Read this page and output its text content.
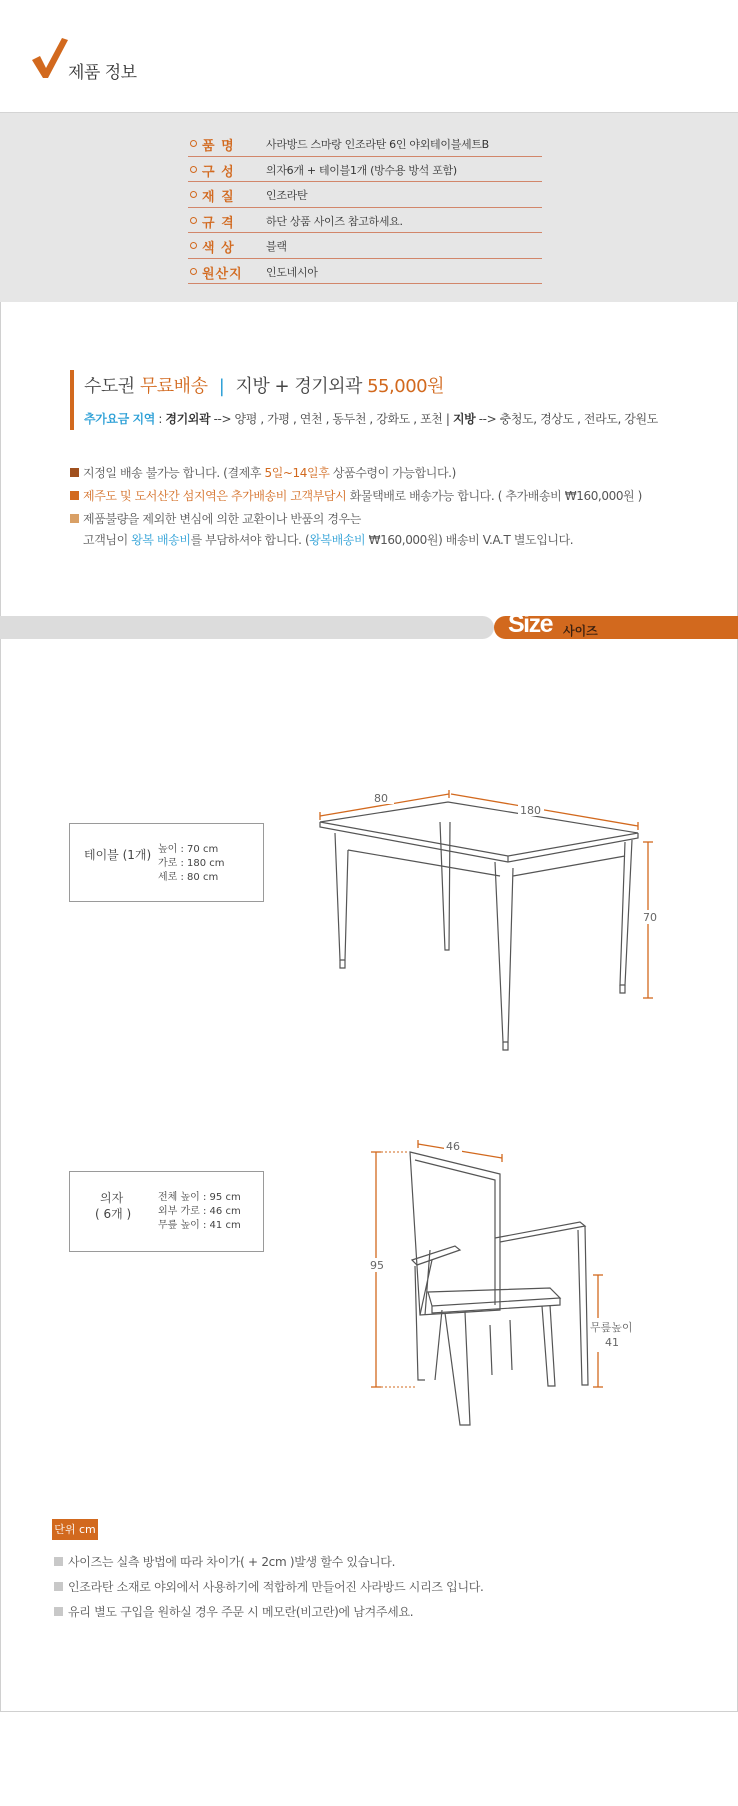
제품 정보
품 명	사라방드 스마랑 인조라탄 6인 야외테이블세트B
구 성	의자6개 + 테이블1개 (방수용 방석 포함)
재 질	인조라탄
규 격	하단 상품 사이즈 참고하세요.
색 상	블랙
원산지 인도네시아
수도권 무료배송 | 지방 + 경기외곽 55,000원
추가요금 지역 : 경기외곽 --> 양평 , 가평 , 연천 , 동두천 , 강화도 , 포천 | 지방 --> 충청도, 경상도 , 전라도, 강원도
지정일 배송 불가능 합니다. (결제후 5일~14일후 상품수령이 가능합니다.)
제주도 및 도서산간 섬지역은 추가배송비 고객부담시 화물택배로 배송가능 합니다. ( 추가배송비 ₩160,000원 )
제품불량을 제외한 변심에 의한 교환이나 반품의 경우는
고객님이 왕복 배송비를 부담하셔야 합니다. (왕복배송비 ₩160,000원) 배송비 V.A.T 별도입니다.
Size 사이즈
테이블 (1개) 높이 : 70 cm
가로 : 180 cm
세로 : 80 cm
80
180
70
의자
( 6개 )
전체 높이 : 95 cm
외부 가로 : 46 cm
무릎 높이 : 41 cm
46
95
무릎높이
41
단위 cm
사이즈는 실측 방법에 따라 차이가( + 2cm )발생 할수 있습니다.
인조라탄 소재로 야외에서 사용하기에 적합하게 만들어진 사라방드 시리즈 입니다.
유리 별도 구입을 원하실 경우 주문 시 메모란(비고란)에 남겨주세요.
